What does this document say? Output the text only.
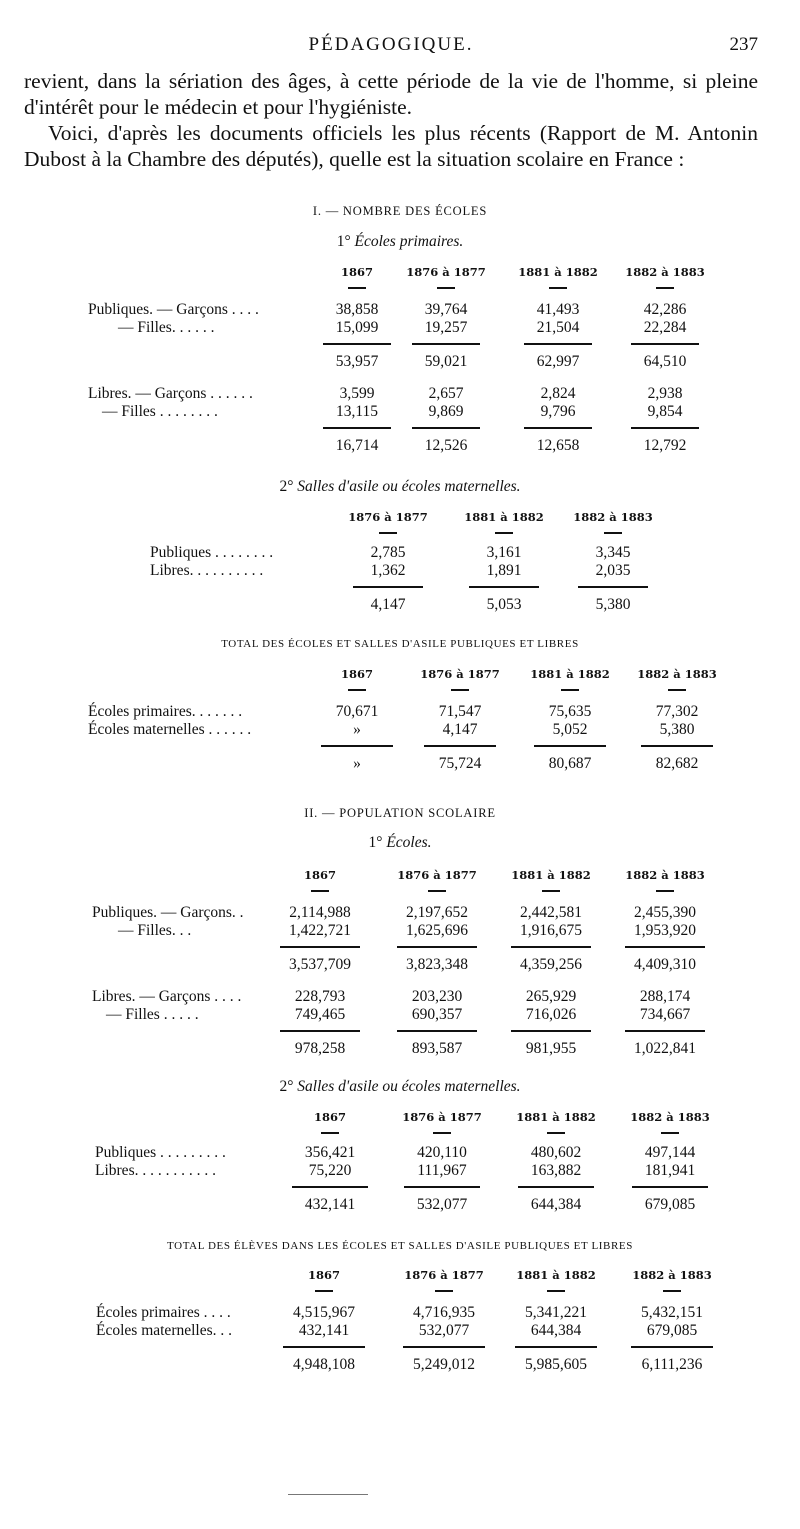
PÉDAGOGIQUE.	237

revient, dans la sériation des âges, à cette période de la vie de l'homme, si pleine d'intérêt pour le médecin et pour l'hygiéniste.

Voici, d'après les documents officiels les plus récents (Rapport de M. Antonin Dubost à la Chambre des députés), quelle est la situation scolaire en France :

I. — NOMBRE DES ÉCOLES
1° Écoles primaires.
1867	1876 à 1877	1881 à 1882 1882 à 1883
Publiques. — Garçons . . . .	38,858	39,764	41,493	42,286
— Filles. . . . . .	15,099	19,257	21,504	22,284
53,957	59,021	62,997	64,510
Libres. — Garçons . . . . . .	3,599	2,657	2,824	2,938
— Filles . . . . . . . .	13,115	9,869	9,796	9,854
16,714	12,526	12,658	12,792
2° Salles d'asile ou écoles maternelles.
1876 à 1877	1881 à 1882	1882 à 1883
Publiques . . . . . . . .	2,785	3,161	3,345
Libres. . . . . . . . . .	1,362	1,891	2,035
4,147	5,053	5,380
TOTAL DES ÉCOLES ET SALLES D'ASILE PUBLIQUES ET LIBRES
1867	1876 à 1877	1881 à 1882 1882 à 1883
Écoles primaires. . . . . . .	70,671	71,547	75,635	77,302
Écoles maternelles . . . . . .	»	4,147	5,052	5,380
»	75,724	80,687	82,682
II. — POPULATION SCOLAIRE
1° Écoles.
1867	1876 à 1877	1881 à 1882	1882 à 1883
Publiques. — Garçons. .	2,114,988	2,197,652	2,442,581	2,455,390
— Filles. . .	1,422,721	1,625,696	1,916,675	1,953,920
3,537,709	3,823,348	4,359,256	4,409,310
Libres. — Garçons . . . .	228,793	203,230	265,929	288,174
— Filles . . . . .	749,465	690,357	716,026	734,667
978,258	893,587	981,955	1,022,841
2° Salles d'asile ou écoles maternelles.
1867	1876 à 1877	1881 à 1882	1882 à 1883
Publiques . . . . . . . . .	356,421	420,110	480,602	497,144
Libres. . . . . . . . . . .	75,220	111,967	163,882	181,941
432,141	532,077	644,384	679,085
TOTAL DES ÉLÈVES DANS LES ÉCOLES ET SALLES D'ASILE PUBLIQUES ET LIBRES
1867	1876 à 1877	1881 à 1882	1882 à 1883
Écoles primaires . . . .	4,515,967	4,716,935	5,341,221	5,432,151
Écoles maternelles. . .	432,141	532,077	644,384	679,085
4,948,108	5,249,012	5,985,605	6,111,236
